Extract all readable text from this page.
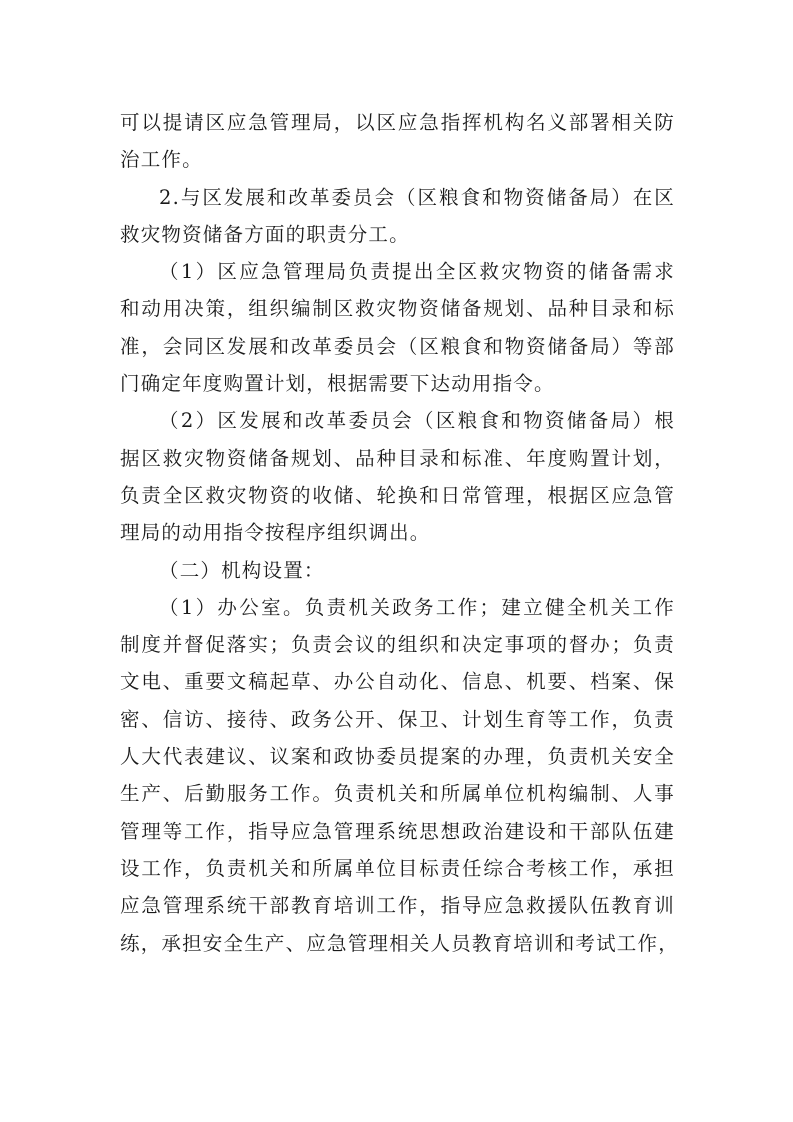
可以提请区应急管理局，以区应急指挥机构名义部署相关防
治工作。
2.与区发展和改革委员会（区粮食和物资储备局）在区
救灾物资储备方面的职责分工。
（1）区应急管理局负责提出全区救灾物资的储备需求
和动用决策，组织编制区救灾物资储备规划、品种目录和标
准，会同区发展和改革委员会（区粮食和物资储备局）等部
门确定年度购置计划，根据需要下达动用指令。
（2）区发展和改革委员会（区粮食和物资储备局）根
据区救灾物资储备规划、品种目录和标准、年度购置计划，
负责全区救灾物资的收储、轮换和日常管理，根据区应急管
理局的动用指令按程序组织调出。
（二）机构设置：
（1）办公室。负责机关政务工作；建立健全机关工作
制度并督促落实；负责会议的组织和决定事项的督办；负责
文电、重要文稿起草、办公自动化、信息、机要、档案、保
密、信访、接待、政务公开、保卫、计划生育等工作，负责
人大代表建议、议案和政协委员提案的办理，负责机关安全
生产、后勤服务工作。负责机关和所属单位机构编制、人事
管理等工作，指导应急管理系统思想政治建设和干部队伍建
设工作，负责机关和所属单位目标责任综合考核工作，承担
应急管理系统干部教育培训工作，指导应急救援队伍教育训
练，承担安全生产、应急管理相关人员教育培训和考试工作，
